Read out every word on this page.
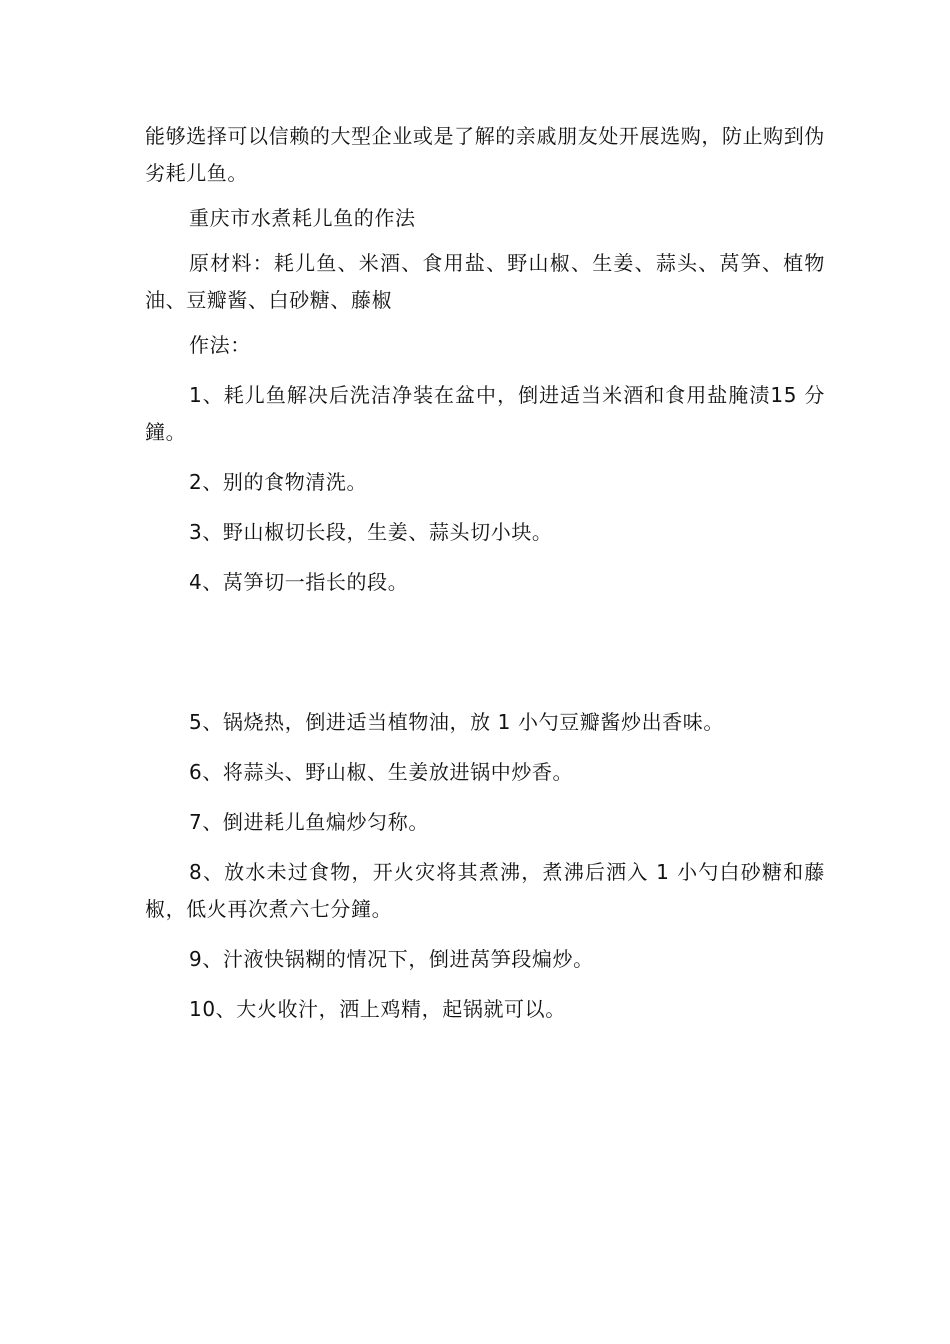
能够选择可以信赖的大型企业或是了解的亲戚朋友处开展选购，防止购到伪劣耗儿鱼。

重庆市水煮耗儿鱼的作法

原材料：耗儿鱼、米酒、食用盐、野山椒、生姜、蒜头、莴笋、植物油、豆瓣酱、白砂糖、藤椒

作法：

1、耗儿鱼解决后洗洁净装在盆中，倒进适当米酒和食用盐腌渍15 分鐘。

2、别的食物清洗。

3、野山椒切长段，生姜、蒜头切小块。

4、莴笋切一指长的段。

5、锅烧热，倒进适当植物油，放 1 小勺豆瓣酱炒出香味。

6、将蒜头、野山椒、生姜放进锅中炒香。

7、倒进耗儿鱼煸炒匀称。

8、放水未过食物，开火灾将其煮沸，煮沸后洒入 1 小勺白砂糖和藤椒，低火再次煮六七分鐘。

9、汁液快锅糊的情况下，倒进莴笋段煸炒。

10、大火收汁，洒上鸡精，起锅就可以。
